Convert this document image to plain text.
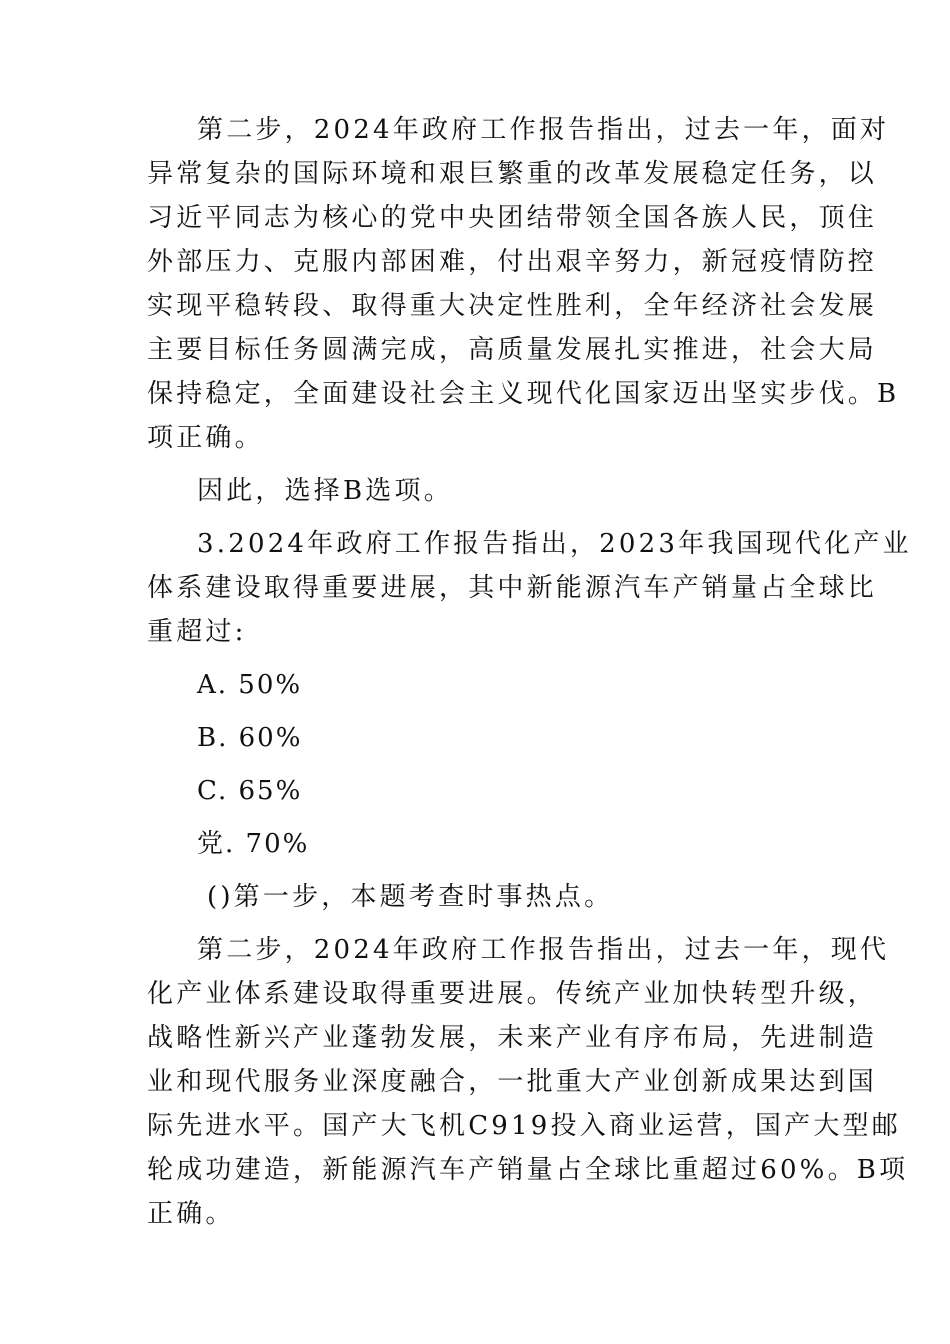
第二步，2024年政府工作报告指出，过去一年，面对
异常复杂的国际环境和艰巨繁重的改革发展稳定任务，以
习近平同志为核心的党中央团结带领全国各族人民，顶住
外部压力、克服内部困难，付出艰辛努力，新冠疫情防控
实现平稳转段、取得重大决定性胜利，全年经济社会发展
主要目标任务圆满完成，高质量发展扎实推进，社会大局
保持稳定，全面建设社会主义现代化国家迈出坚实步伐。B
项正确。
因此，选择B选项。
3.2024年政府工作报告指出，2023年我国现代化产业
体系建设取得重要进展，其中新能源汽车产销量占全球比
重超过:
A. 50%
B. 60%
C. 65%
党. 70%
()第一步，本题考查时事热点。
第二步，2024年政府工作报告指出，过去一年，现代
化产业体系建设取得重要进展。传统产业加快转型升级，
战略性新兴产业蓬勃发展，未来产业有序布局，先进制造
业和现代服务业深度融合，一批重大产业创新成果达到国
际先进水平。国产大飞机C919投入商业运营，国产大型邮
轮成功建造，新能源汽车产销量占全球比重超过60%。B项
正确。
